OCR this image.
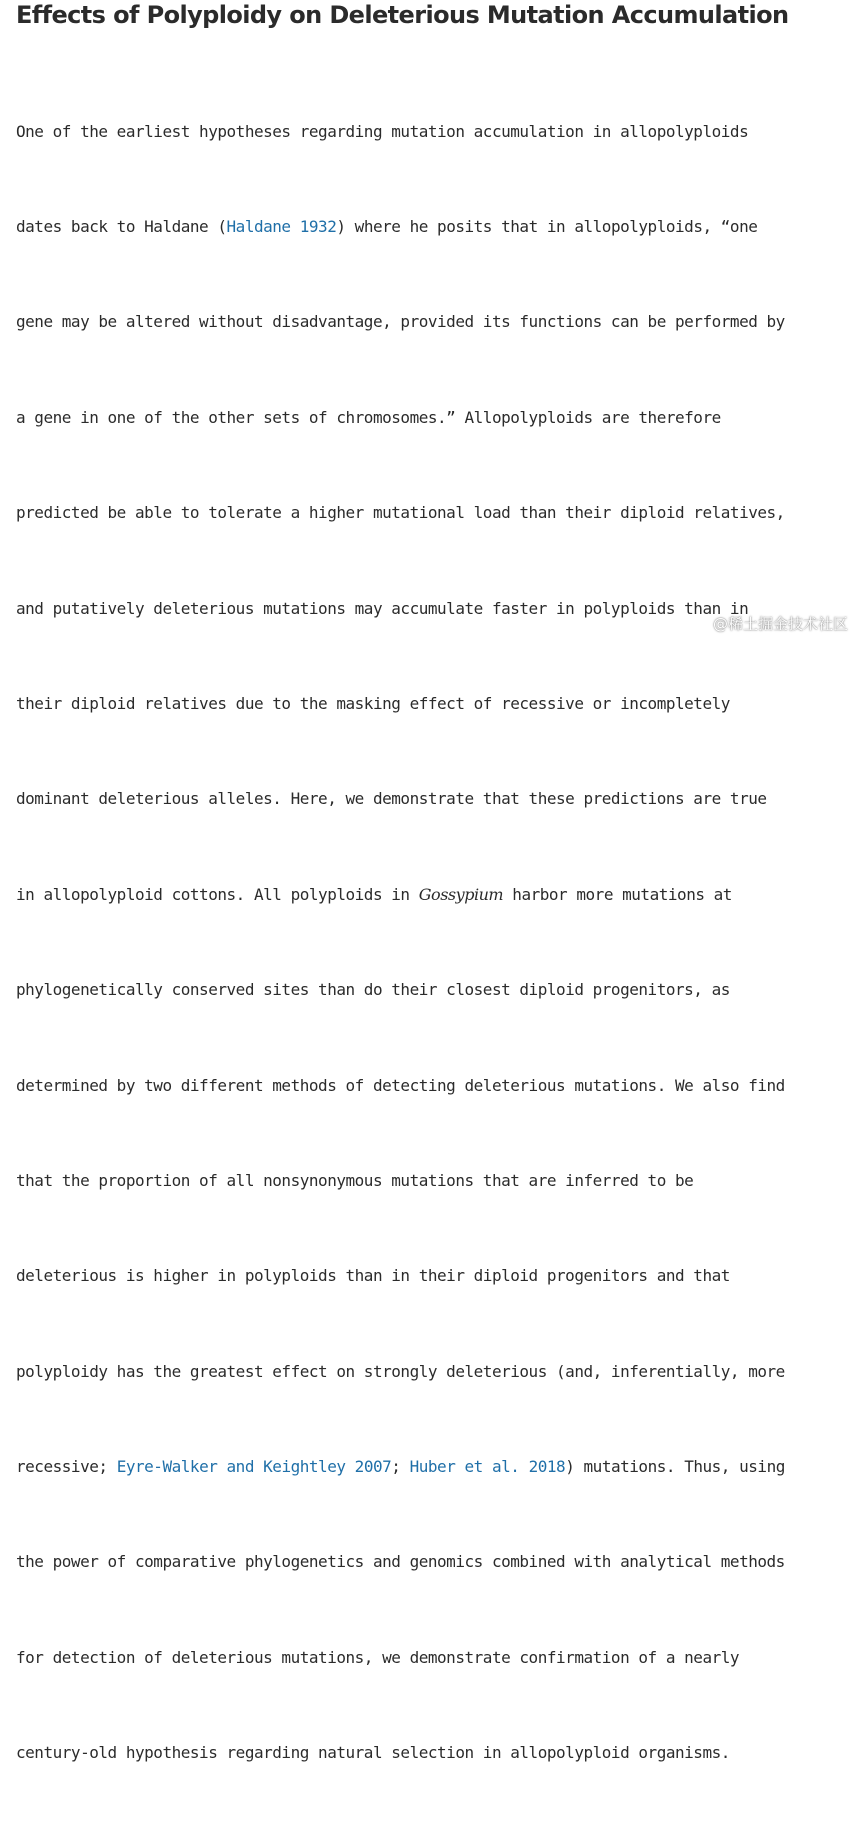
Effects of Polyploidy on Deleterious Mutation Accumulation

One of the earliest hypotheses regarding mutation accumulation in allopolyploids

dates back to Haldane (Haldane 1932) where he posits that in allopolyploids, “one

gene may be altered without disadvantage, provided its functions can be performed by

a gene in one of the other sets of chromosomes.” Allopolyploids are therefore

predicted be able to tolerate a higher mutational load than their diploid relatives,

and putatively deleterious mutations may accumulate faster in polyploids than in

their diploid relatives due to the masking effect of recessive or incompletely

dominant deleterious alleles. Here, we demonstrate that these predictions are true

in allopolyploid cottons. All polyploids in Gossypium harbor more mutations at

phylogenetically conserved sites than do their closest diploid progenitors, as

determined by two different methods of detecting deleterious mutations. We also find

that the proportion of all nonsynonymous mutations that are inferred to be

deleterious is higher in polyploids than in their diploid progenitors and that

polyploidy has the greatest effect on strongly deleterious (and, inferentially, more

recessive; Eyre-Walker and Keightley 2007; Huber et al. 2018) mutations. Thus, using

the power of comparative phylogenetics and genomics combined with analytical methods

for detection of deleterious mutations, we demonstrate confirmation of a nearly

century-old hypothesis regarding natural selection in allopolyploid organisms.

@稀土掘金技术社区
